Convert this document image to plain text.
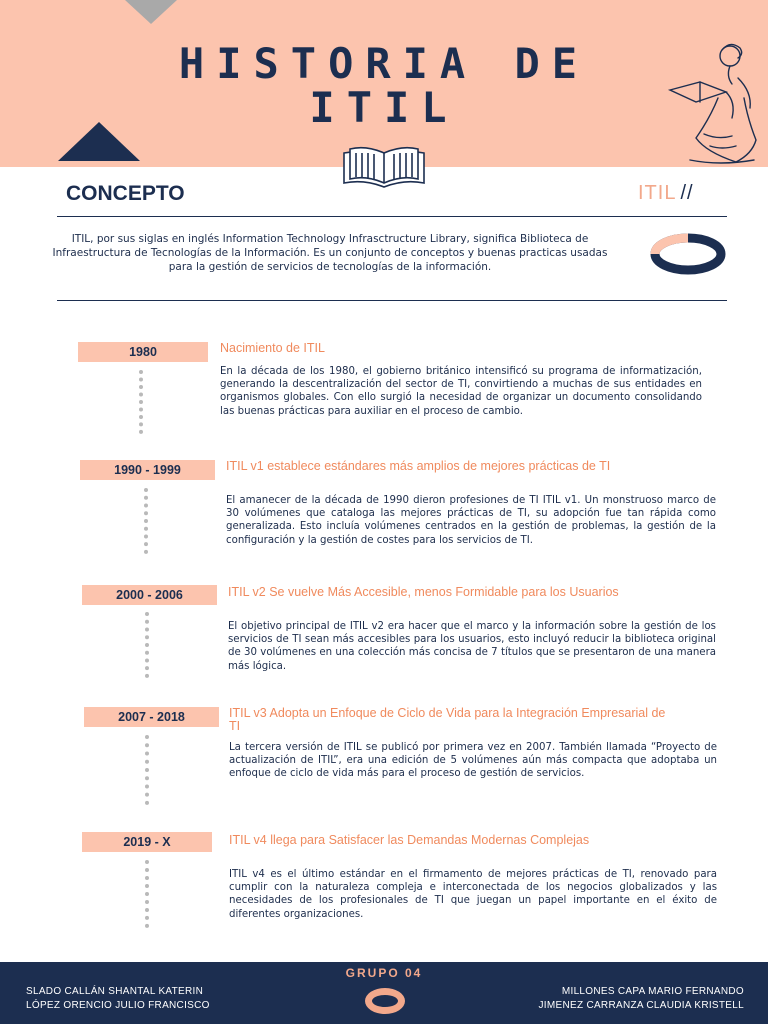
HISTORIA DE
ITIL
CONCEPTO	ITIL //
ITIL, por sus siglas en inglés Information Technology Infrasctructure Library, significa Biblioteca de Infraestructura de Tecnologías de la Información. Es un conjunto de conceptos y buenas practicas usadas para la gestión de servicios de tecnologías de la información.
1980	Nacimiento de ITIL
En la década de los 1980, el gobierno británico intensificó su programa de informatización, generando la descentralización del sector de TI, convirtiendo a muchas de sus entidades en organismos globales. Con ello surgió la necesidad de organizar un documento consolidando las buenas prácticas para auxiliar en el proceso de cambio.
1990 - 1999	ITIL v1 establece estándares más amplios de mejores prácticas de TI
El amanecer de la década de 1990 dieron profesiones de TI ITIL v1. Un monstruoso marco de 30 volúmenes que cataloga las mejores prácticas de TI, su adopción fue tan rápida como generalizada. Esto incluía volúmenes centrados en la gestión de problemas, la gestión de la configuración y la gestión de costes para los servicios de TI.
2000 - 2006	ITIL v2 Se vuelve Más Accesible, menos Formidable para los Usuarios
El objetivo principal de ITIL v2 era hacer que el marco y la información sobre la gestión de los servicios de TI sean más accesibles para los usuarios, esto incluyó reducir la biblioteca original de 30 volúmenes en una colección más concisa de 7 títulos que se presentaron de una manera más lógica.
2007 - 2018	ITIL v3 Adopta un Enfoque de Ciclo de Vida para la Integración Empresarial de TI
La tercera versión de ITIL se publicó por primera vez en 2007. También llamada “Proyecto de actualización de ITIL”, era una edición de 5 volúmenes aún más compacta que adoptaba un enfoque de ciclo de vida más para el proceso de gestión de servicios.
2019 - X	ITIL v4 llega para Satisfacer las Demandas Modernas Complejas
ITIL v4 es el último estándar en el firmamento de mejores prácticas de TI, renovado para cumplir con la naturaleza compleja e interconectada de los negocios globalizados y las necesidades de los profesionales de TI que juegan un papel importante en el éxito de diferentes organizaciones.
GRUPO 04
SLADO CALLÁN SHANTAL KATERIN
LÓPEZ ORENCIO JULIO FRANCISCO
MILLONES CAPA MARIO FERNANDO
JIMENEZ CARRANZA CLAUDIA KRISTELL
